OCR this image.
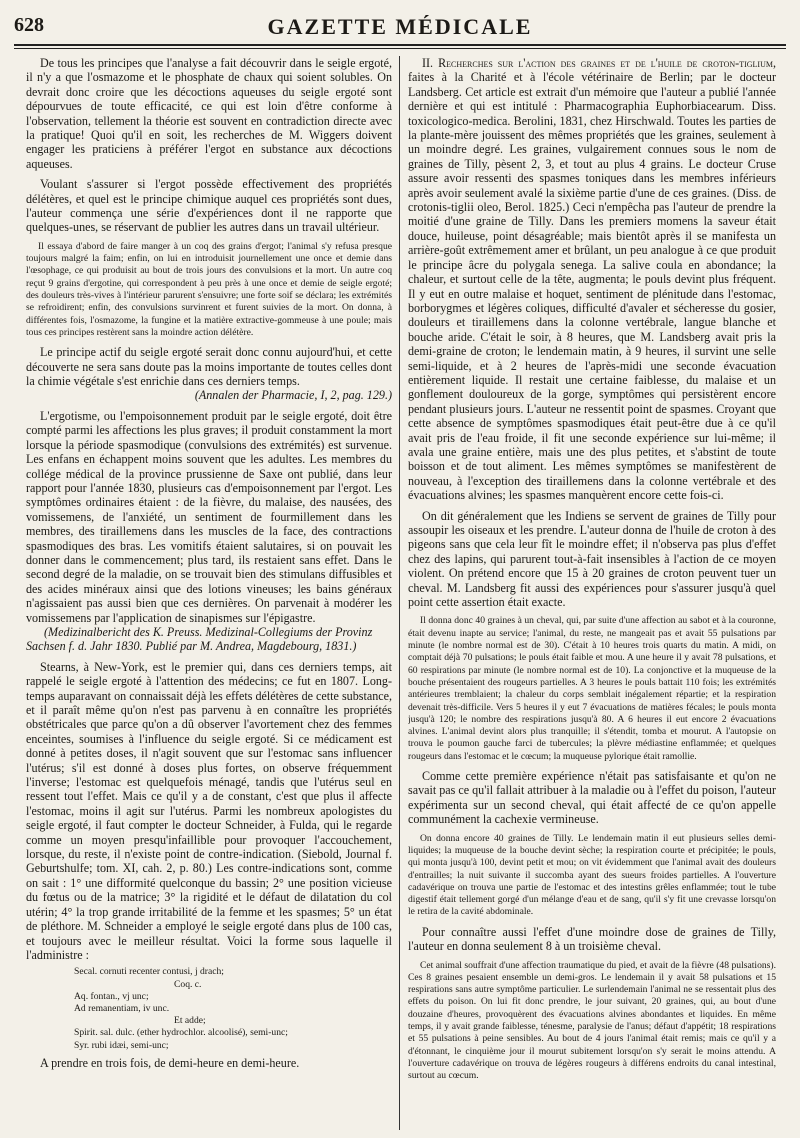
628	GAZETTE MÉDICALE

De tous les principes que l'analyse a fait découvrir dans le seigle ergoté, il n'y a que l'osmazome et le phosphate de chaux qui soient solubles. On devrait donc croire que les décoctions aqueuses du seigle ergoté sont dépourvues de toute efficacité, ce qui est loin d'être conforme à l'observation, tellement la théorie est souvent en contradiction directe avec la pratique! Quoi qu'il en soit, les recherches de M. Wiggers doivent engager les praticiens à préférer l'ergot en substance aux décoctions aqueuses.

Voulant s'assurer si l'ergot possède effectivement des propriétés délétères, et quel est le principe chimique auquel ces propriétés sont dues, l'auteur commença une série d'expériences dont il ne rapporte que quelques-unes, se réservant de publier les autres dans un travail ultérieur.

Il essaya d'abord de faire manger à un coq des grains d'ergot; l'animal s'y refusa presque toujours malgré la faim; enfin, on lui en introduisit journellement une once et demie dans l'œsophage, ce qui produisit au bout de trois jours des convulsions et la mort. Un autre coq reçut 9 grains d'ergotine, qui correspondent à peu près à une once et demie de seigle ergoté; des douleurs très-vives à l'intérieur parurent s'ensuivre; une forte soif se déclara; les extrémités se refroidirent; enfin, des convulsions survinrent et furent suivies de la mort. On donna, à différentes fois, l'osmazome, la fungine et la matière extractive-gommeuse à une poule; mais tous ces principes restèrent sans la moindre action délétère.

Le principe actif du seigle ergoté serait donc connu aujourd'hui, et cette découverte ne sera sans doute pas la moins importante de toutes celles dont la chimie végétale s'est enrichie dans ces derniers temps.

(Annalen der Pharmacie, I, 2, pag. 129.)

L'ergotisme, ou l'empoisonnement produit par le seigle ergoté, doit être compté parmi les affections les plus graves; il produit constamment la mort lorsque la période spasmodique (convulsions des extrémités) est survenue. Les enfans en échappent moins souvent que les adultes. Les membres du collége médical de la province prussienne de Saxe ont publié, dans leur rapport pour l'année 1830, plusieurs cas d'empoisonnement par l'ergot. Les symptômes ordinaires étaient : de la fièvre, du malaise, des nausées, des vomissemens, de l'anxiété, un sentiment de fourmillement dans les membres, des tiraillemens dans les muscles de la face, des contractions spasmodiques des bras. Les vomitifs étaient salutaires, si on pouvait les donner dans le commencement; plus tard, ils restaient sans effet. Dans le second degré de la maladie, on se trouvait bien des stimulans diffusibles et des acides minéraux ainsi que des lotions vineuses; les bains généraux n'agissaient pas aussi bien que ces dernières. On parvenait à modérer les vomissemens par l'application de sinapismes sur l'épigastre.

(Medizinalbericht des K. Preuss. Medizinal-Collegiums der Provinz Sachsen f. d. Jahr 1830. Publié par M. Andrea, Magdebourg, 1831.)

Stearns, à New-York, est le premier qui, dans ces derniers temps, ait rappelé le seigle ergoté à l'attention des médecins; ce fut en 1807. Long-temps auparavant on connaissait déjà les effets délétères de cette substance, et il paraît même qu'on n'est pas parvenu à en connaître les propriétés obstétricales que parce qu'on a dû observer l'avortement chez des femmes enceintes, soumises à l'influence du seigle ergoté. Si ce médicament est donné à petites doses, il n'agit souvent que sur l'estomac sans influencer l'utérus; s'il est donné à doses plus fortes, on observe fréquemment l'inverse; l'estomac est quelquefois ménagé, tandis que l'utérus seul en ressent tout l'effet. Mais ce qu'il y a de constant, c'est que plus il affecte l'estomac, moins il agit sur l'utérus. Parmi les nombreux apologistes du seigle ergoté, il faut compter le docteur Schneider, à Fulda, qui le regarde comme un moyen presqu'infaillible pour provoquer l'accouchement, lorsque, du reste, il n'existe point de contre-indication. (Siebold, Journal f. Geburtshulfe; tom. XI, cah. 2, p. 80.) Les contre-indications sont, comme on sait : 1° une difformité quelconque du bassin; 2° une position vicieuse du fœtus ou de la matrice; 3° la rigidité et le défaut de dilatation du col utérin; 4° la trop grande irritabilité de la femme et les spasmes; 5° un état de pléthore. M. Schneider a employé le seigle ergoté dans plus de 100 cas, et toujours avec le meilleur résultat. Voici la forme sous laquelle il l'administre :

Secal. cornuti recenter contusi, j drach;

Coq. c.

Aq. fontan., vj unc;

Ad remanentiam, iv unc.

Et adde;

Spirit. sal. dulc. (ether hydrochlor. alcoolisé), semi-unc;

Syr. rubi idæi, semi-unc;

A prendre en trois fois, de demi-heure en demi-heure.

II. Recherches sur l'action des graines et de l'huile de croton-tiglium, faites à la Charité et à l'école vétérinaire de Berlin; par le docteur Landsberg. Cet article est extrait d'un mémoire que l'auteur a publié l'année dernière et qui est intitulé : Pharmacographia Euphorbiacearum. Diss. toxicologico-medica. Berolini, 1831, chez Hirschwald. Toutes les parties de la plante-mère jouissent des mêmes propriétés que les graines, seulement à un moindre degré. Les graines, vulgairement connues sous le nom de graines de Tilly, pèsent 2, 3, et tout au plus 4 grains. Le docteur Cruse assure avoir ressenti des spasmes toniques dans les membres inférieurs après avoir seulement avalé la sixième partie d'une de ces graines. (Diss. de crotonis-tiglii oleo, Berol. 1825.) Ceci n'empêcha pas l'auteur de prendre la moitié d'une graine de Tilly. Dans les premiers momens la saveur était douce, huileuse, point désagréable; mais bientôt après il se manifesta un arrière-goût extrêmement amer et brûlant, un peu analogue à ce que produit le principe âcre du polygala senega. La salive coula en abondance; la chaleur, et surtout celle de la tête, augmenta; le pouls devint plus fréquent. Il y eut en outre malaise et hoquet, sentiment de plénitude dans l'estomac, borborygmes et légères coliques, difficulté d'avaler et sécheresse du gosier, douleurs et tiraillemens dans la colonne vertébrale, langue blanche et bouche aride. C'était le soir, à 8 heures, que M. Landsberg avait pris la demi-graine de croton; le lendemain matin, à 9 heures, il survint une selle semi-liquide, et à 2 heures de l'après-midi une seconde évacuation entièrement liquide. Il restait une certaine faiblesse, du malaise et un gonflement douloureux de la gorge, symptômes qui persistèrent encore pendant plusieurs jours. L'auteur ne ressentit point de spasmes. Croyant que cette absence de symptômes spasmodiques était peut-être due à ce qu'il avait pris de l'eau froide, il fit une seconde expérience sur lui-même; il avala une graine entière, mais une des plus petites, et s'abstint de toute boisson et de tout aliment. Les mêmes symptômes se manifestèrent de nouveau, à l'exception des tiraillemens dans la colonne vertébrale et des évacuations alvines; les spasmes manquèrent encore cette fois-ci.

On dit généralement que les Indiens se servent de graines de Tilly pour assoupir les oiseaux et les prendre. L'auteur donna de l'huile de croton à des pigeons sans que cela leur fît le moindre effet; il n'observa pas plus d'effet chez des lapins, qui parurent tout-à-fait insensibles à l'action de ce moyen violent. On prétend encore que 15 à 20 graines de croton peuvent tuer un cheval. M. Landsberg fit aussi des expériences pour s'assurer jusqu'à quel point cette assertion était exacte.

Il donna donc 40 graines à un cheval, qui, par suite d'une affection au sabot et à la couronne, était devenu inapte au service; l'animal, du reste, ne mangeait pas et avait 55 pulsations par minute (le nombre normal est de 30). C'était à 10 heures trois quarts du matin. A midi, on comptait déjà 70 pulsations; le pouls était faible et mou. A une heure il y avait 78 pulsations, et 60 respirations par minute (le nombre normal est de 10). La conjonctive et la muqueuse de la bouche présentaient des rougeurs partielles. A 3 heures le pouls battait 110 fois; les extrémités antérieures tremblaient; la chaleur du corps semblait inégalement répartie; et la respiration devenait très-difficile. Vers 5 heures il y eut 7 évacuations de matières fécales; le pouls monta jusqu'à 120; le nombre des respirations jusqu'à 80. A 6 heures il eut encore 2 évacuations alvines. L'animal devint alors plus tranquille; il s'étendit, tomba et mourut. A l'autopsie on trouva le poumon gauche farci de tubercules; la plèvre médiastine enflammée; et quelques rougeurs dans l'estomac et le cœcum; la muqueuse pylorique était ramollie.

Comme cette première expérience n'était pas satisfaisante et qu'on ne savait pas ce qu'il fallait attribuer à la maladie ou à l'effet du poison, l'auteur expérimenta sur un second cheval, qui était affecté de ce qu'on appelle communément la cachexie vermineuse.

On donna encore 40 graines de Tilly. Le lendemain matin il eut plusieurs selles demi-liquides; la muqueuse de la bouche devint sèche; la respiration courte et précipitée; le pouls, qui monta jusqu'à 100, devint petit et mou; on vit évidemment que l'animal avait des douleurs d'entrailles; la nuit suivante il succomba ayant des sueurs froides partielles. A l'ouverture cadavérique on trouva une partie de l'estomac et des intestins grêles enflammée; tout le tube digestif était tellement gorgé d'un mélange d'eau et de sang, qu'il s'y fit une crevasse lorsqu'on le retira de la cavité abdominale.

Pour connaître aussi l'effet d'une moindre dose de graines de Tilly, l'auteur en donna seulement 8 à un troisième cheval.

Cet animal souffrait d'une affection traumatique du pied, et avait de la fièvre (48 pulsations). Ces 8 graines pesaient ensemble un demi-gros. Le lendemain il y avait 58 pulsations et 15 respirations sans autre symptôme particulier. Le surlendemain l'animal ne se ressentait plus des effets du poison. On lui fit donc prendre, le jour suivant, 20 graines, qui, au bout d'une douzaine d'heures, provoquèrent des évacuations alvines abondantes et liquides. En même temps, il y avait grande faiblesse, ténesme, paralysie de l'anus; défaut d'appétit; 18 respirations et 55 pulsations à peine sensibles. Au bout de 4 jours l'animal était remis; mais ce qu'il y a d'étonnant, le cinquième jour il mourut subitement lorsqu'on s'y serait le moins attendu. A l'ouverture cadavérique on trouva de légères rougeurs à différens endroits du canal intestinal, surtout au cœcum.
